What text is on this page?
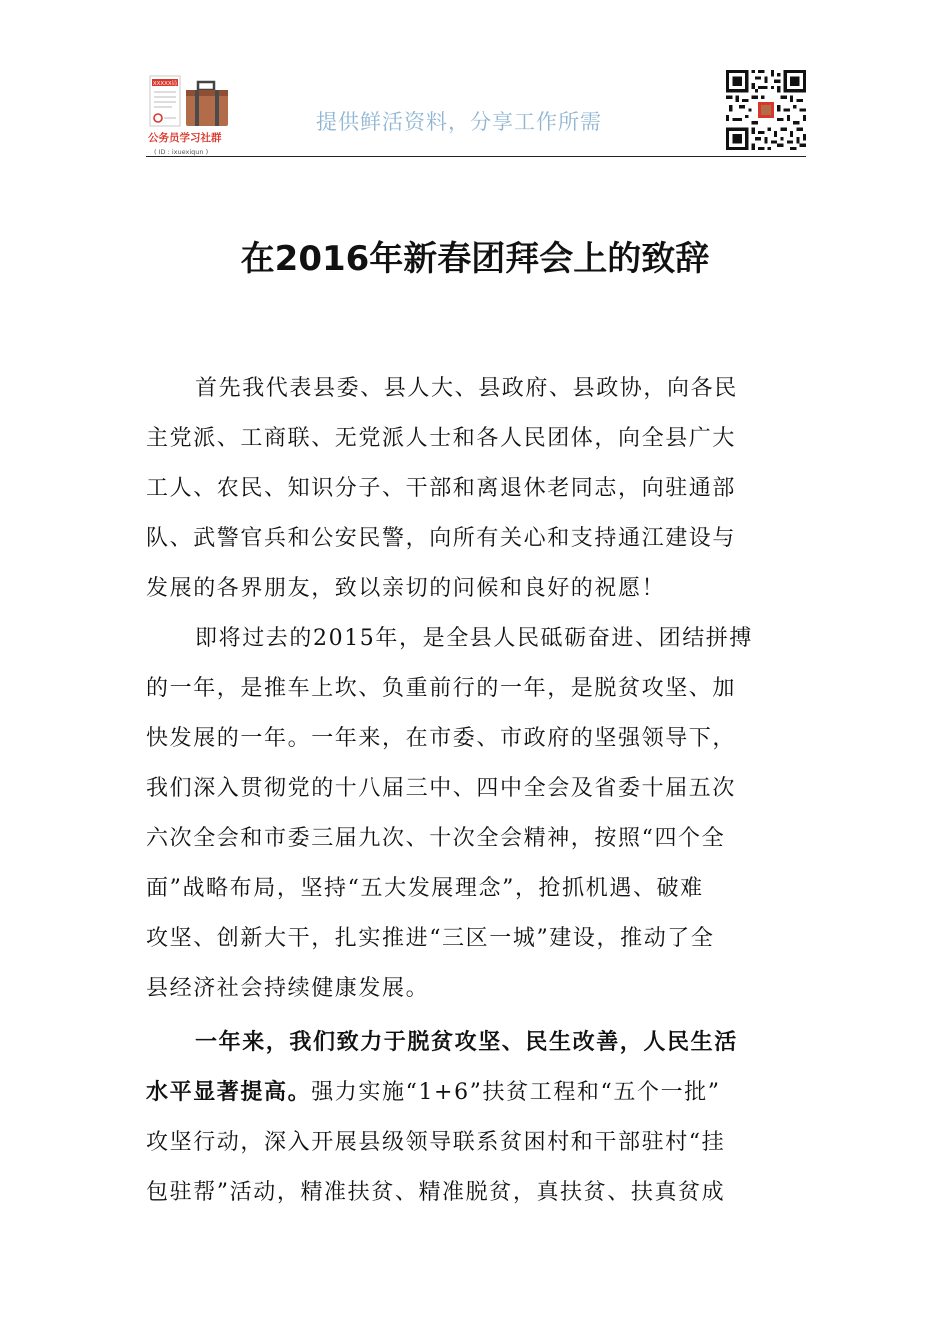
XXXXX局
公务员学习社群
( ID : ixuexiqun )
提供鲜活资料，分享工作所需
在2016年新春团拜会上的致辞

首先我代表县委、县人大、县政府、县政协，向各民
主党派、工商联、无党派人士和各人民团体，向全县广大
工人、农民、知识分子、干部和离退休老同志，向驻通部
队、武警官兵和公安民警，向所有关心和支持通江建设与
发展的各界朋友，致以亲切的问候和良好的祝愿！

即将过去的2015年，是全县人民砥砺奋进、团结拼搏
的一年，是推车上坎、负重前行的一年，是脱贫攻坚、加
快发展的一年。一年来，在市委、市政府的坚强领导下，
我们深入贯彻党的十八届三中、四中全会及省委十届五次
六次全会和市委三届九次、十次全会精神，按照“四个全
面”战略布局，坚持“五大发展理念”，抢抓机遇、破难
攻坚、创新大干，扎实推进“三区一城”建设，推动了全
县经济社会持续健康发展。

一年来，我们致力于脱贫攻坚、民生改善，人民生活
水平显著提高。强力实施“1+6”扶贫工程和“五个一批”
攻坚行动，深入开展县级领导联系贫困村和干部驻村“挂
包驻帮”活动，精准扶贫、精准脱贫，真扶贫、扶真贫成
